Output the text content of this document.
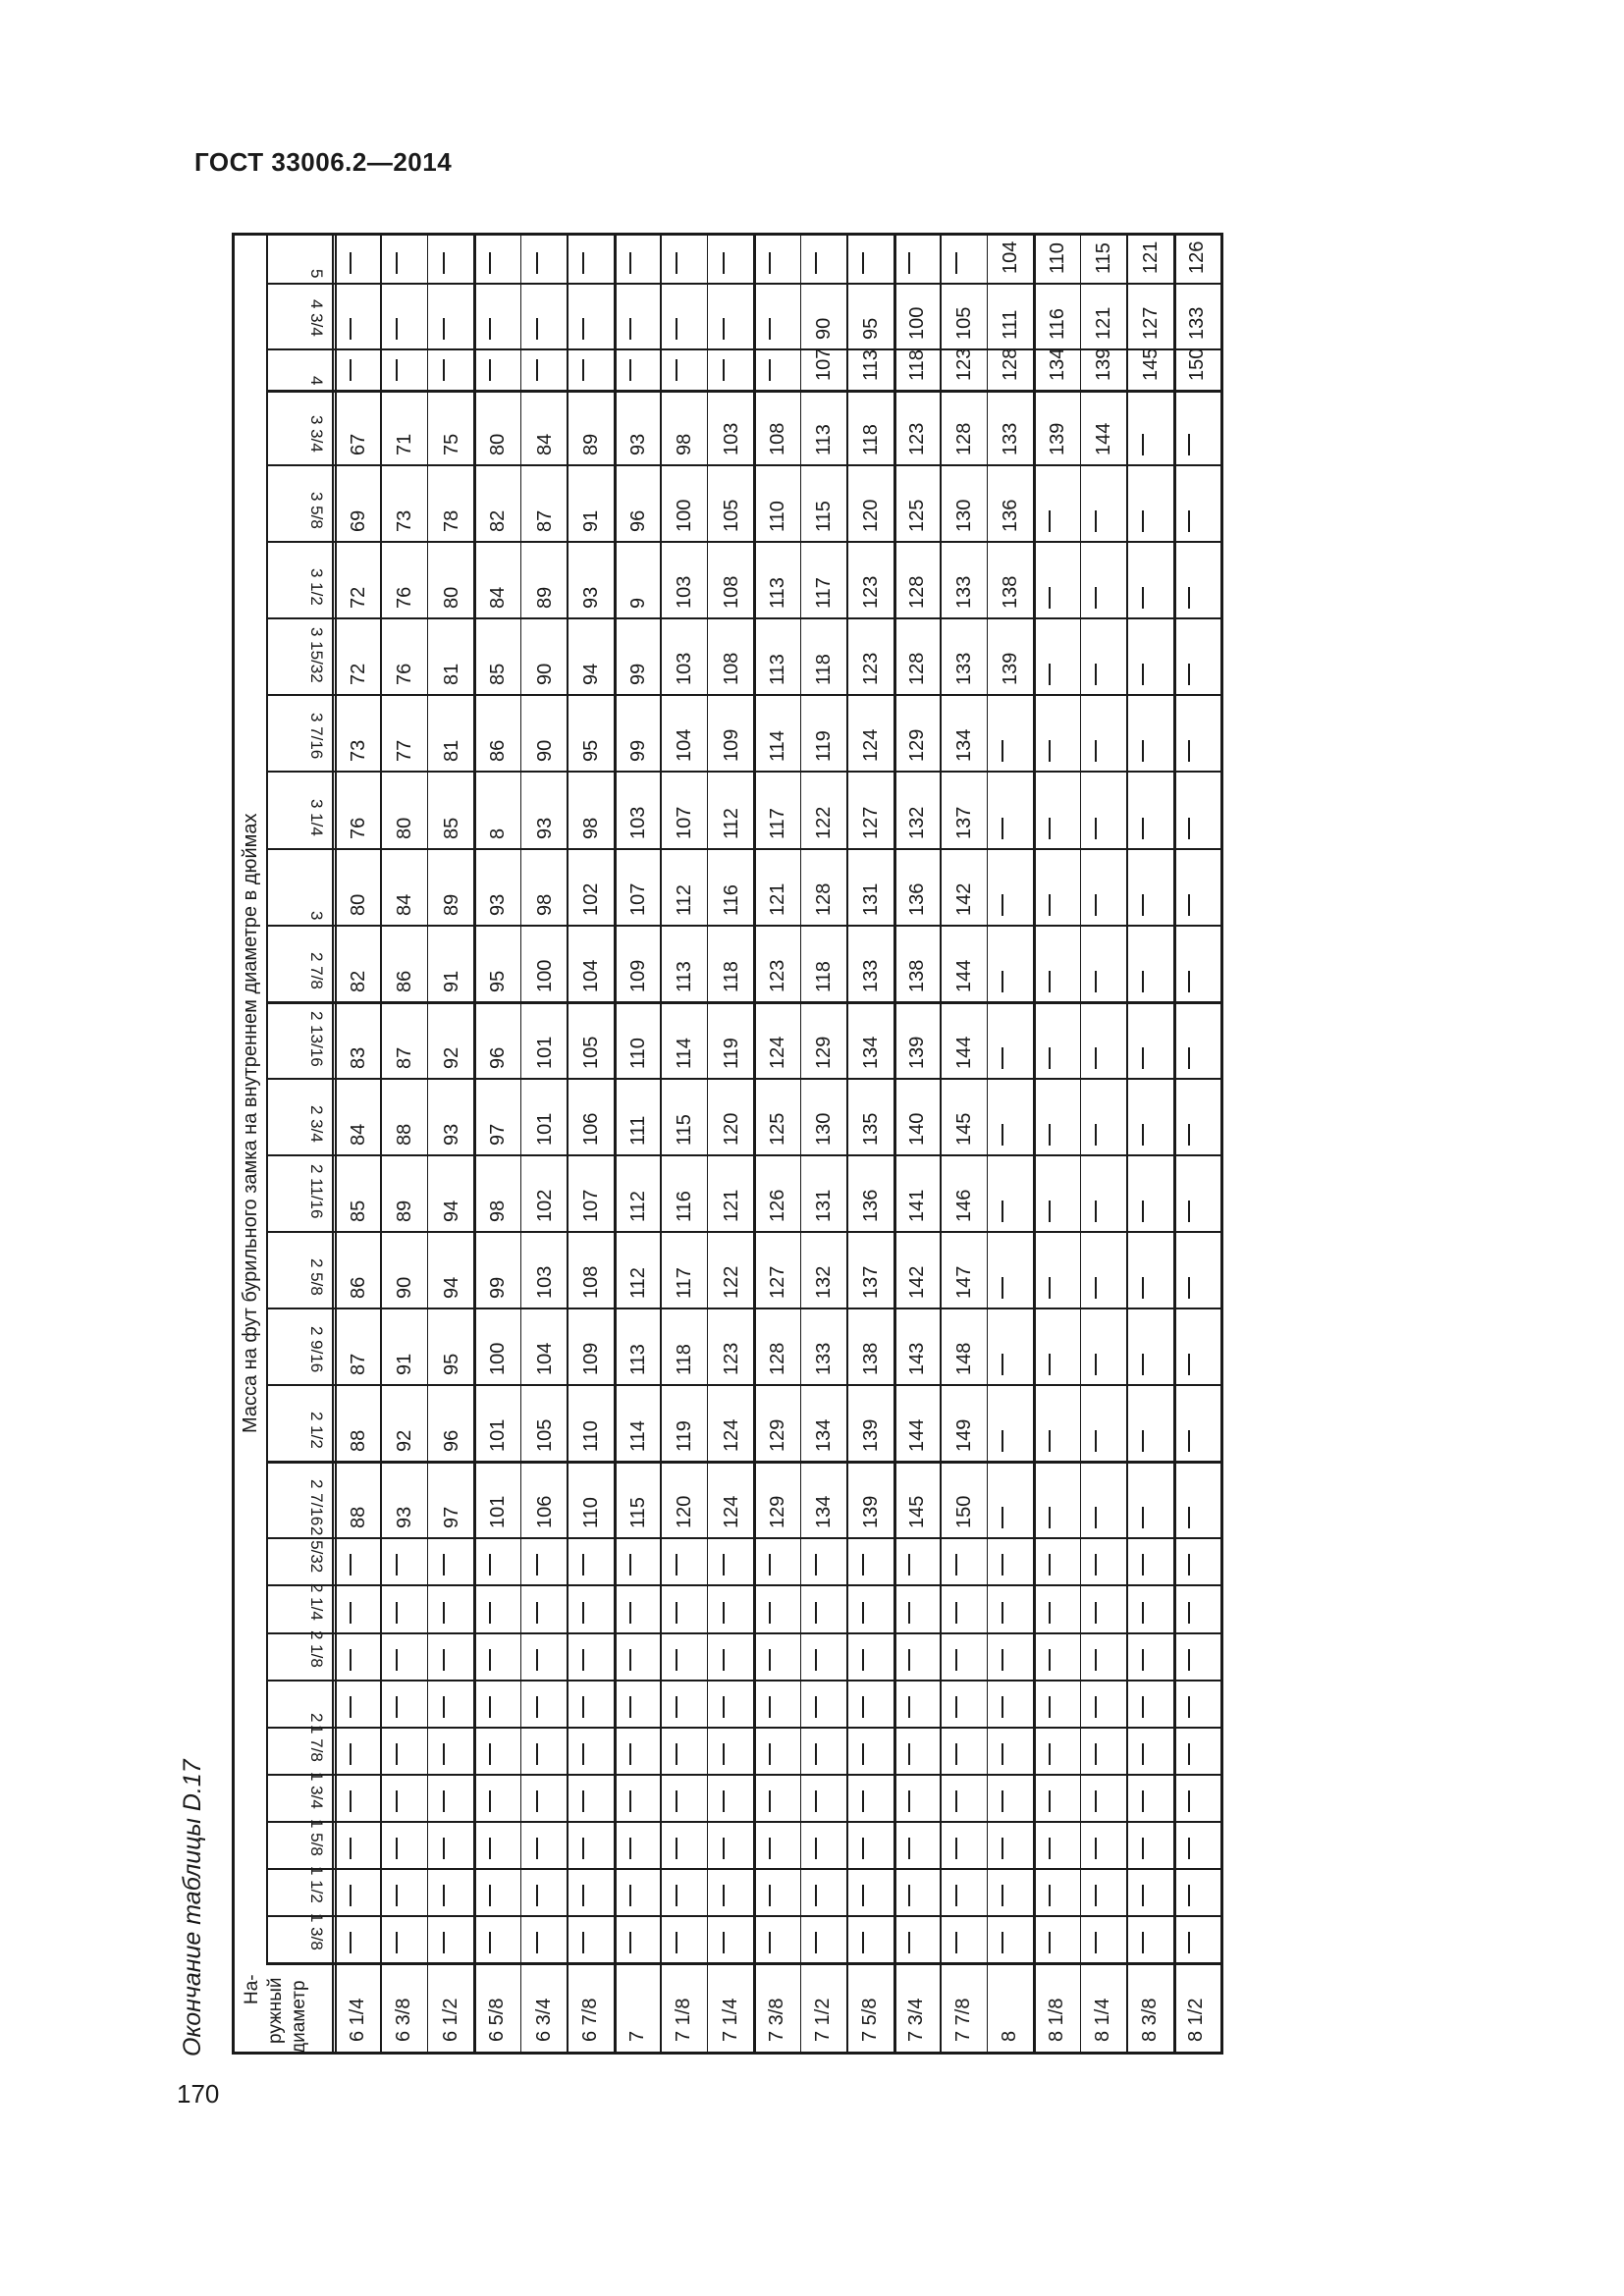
ГОСТ 33006.2—2014
Окончание таблицы D.17
170
Масса на фут бурильного замка на внутреннем диаметре в дюймах
5
4 3/4
4
3 3/4
3 5/8
3 1/2
3 15/32
3 7/16
3 1/4
3
2 7/8
2 13/16
2 3/4
2 11/16
2 5/8
2 9/16
2 1/2
2 7/16
2 5/32
2 1/4
2 1/8
2
1 7/8
1 3/4
1 5/8
1 1/2
1 3/8
104 110 115 121 126
90 95 100 105 111 116 121 127 133
107 113 118 123 128 134 139 145 150
67 71 75 80 84 89 93 98 103 108 113 118 123 128 133 139 144
69 73 78 82 87 91 96 100 105 110 115 120 125 130 136
72 76 80 84 89 93 9 103 108 113 117 123 128 133 138
72 76 81 85 90 94 99 103 108 113 118 123 128 133 139
73 77 81 86 90 95 99 104 109 114 119 124 129 134
76 80 85 8 93 98 103 107 112 117 122 127 132 137
80 84 89 93 98 102 107 112 116 121 128 131 136 142
82 86 91 95 100 104 109 113 118 123 118 133 138 144
83 87 92 96 101 105 110 114 119 124 129 134 139 144
84 88 93 97 101 106 111 115 120 125 130 135 140 145
85 89 94 98 102 107 112 116 121 126 131 136 141 146
86 90 94 99 103 108 112 117 122 127 132 137 142 147
87 91 95 100 104 109 113 118 123 128 133 138 143 148
88 92 96 101 105 110 114 119 124 129 134 139 144 149
88 93 97 101 106 110 115 120 124 129 134 139 145 150
На- ружный диаметр 6 1/4 6 3/8 6 1/2 6 5/8 6 3/4 6 7/8 7 7 1/8 7 1/4 7 3/8 7 1/2 7 5/8 7 3/4 7 7/8 8 8 1/8 8 1/4 8 3/8 8 1/2
